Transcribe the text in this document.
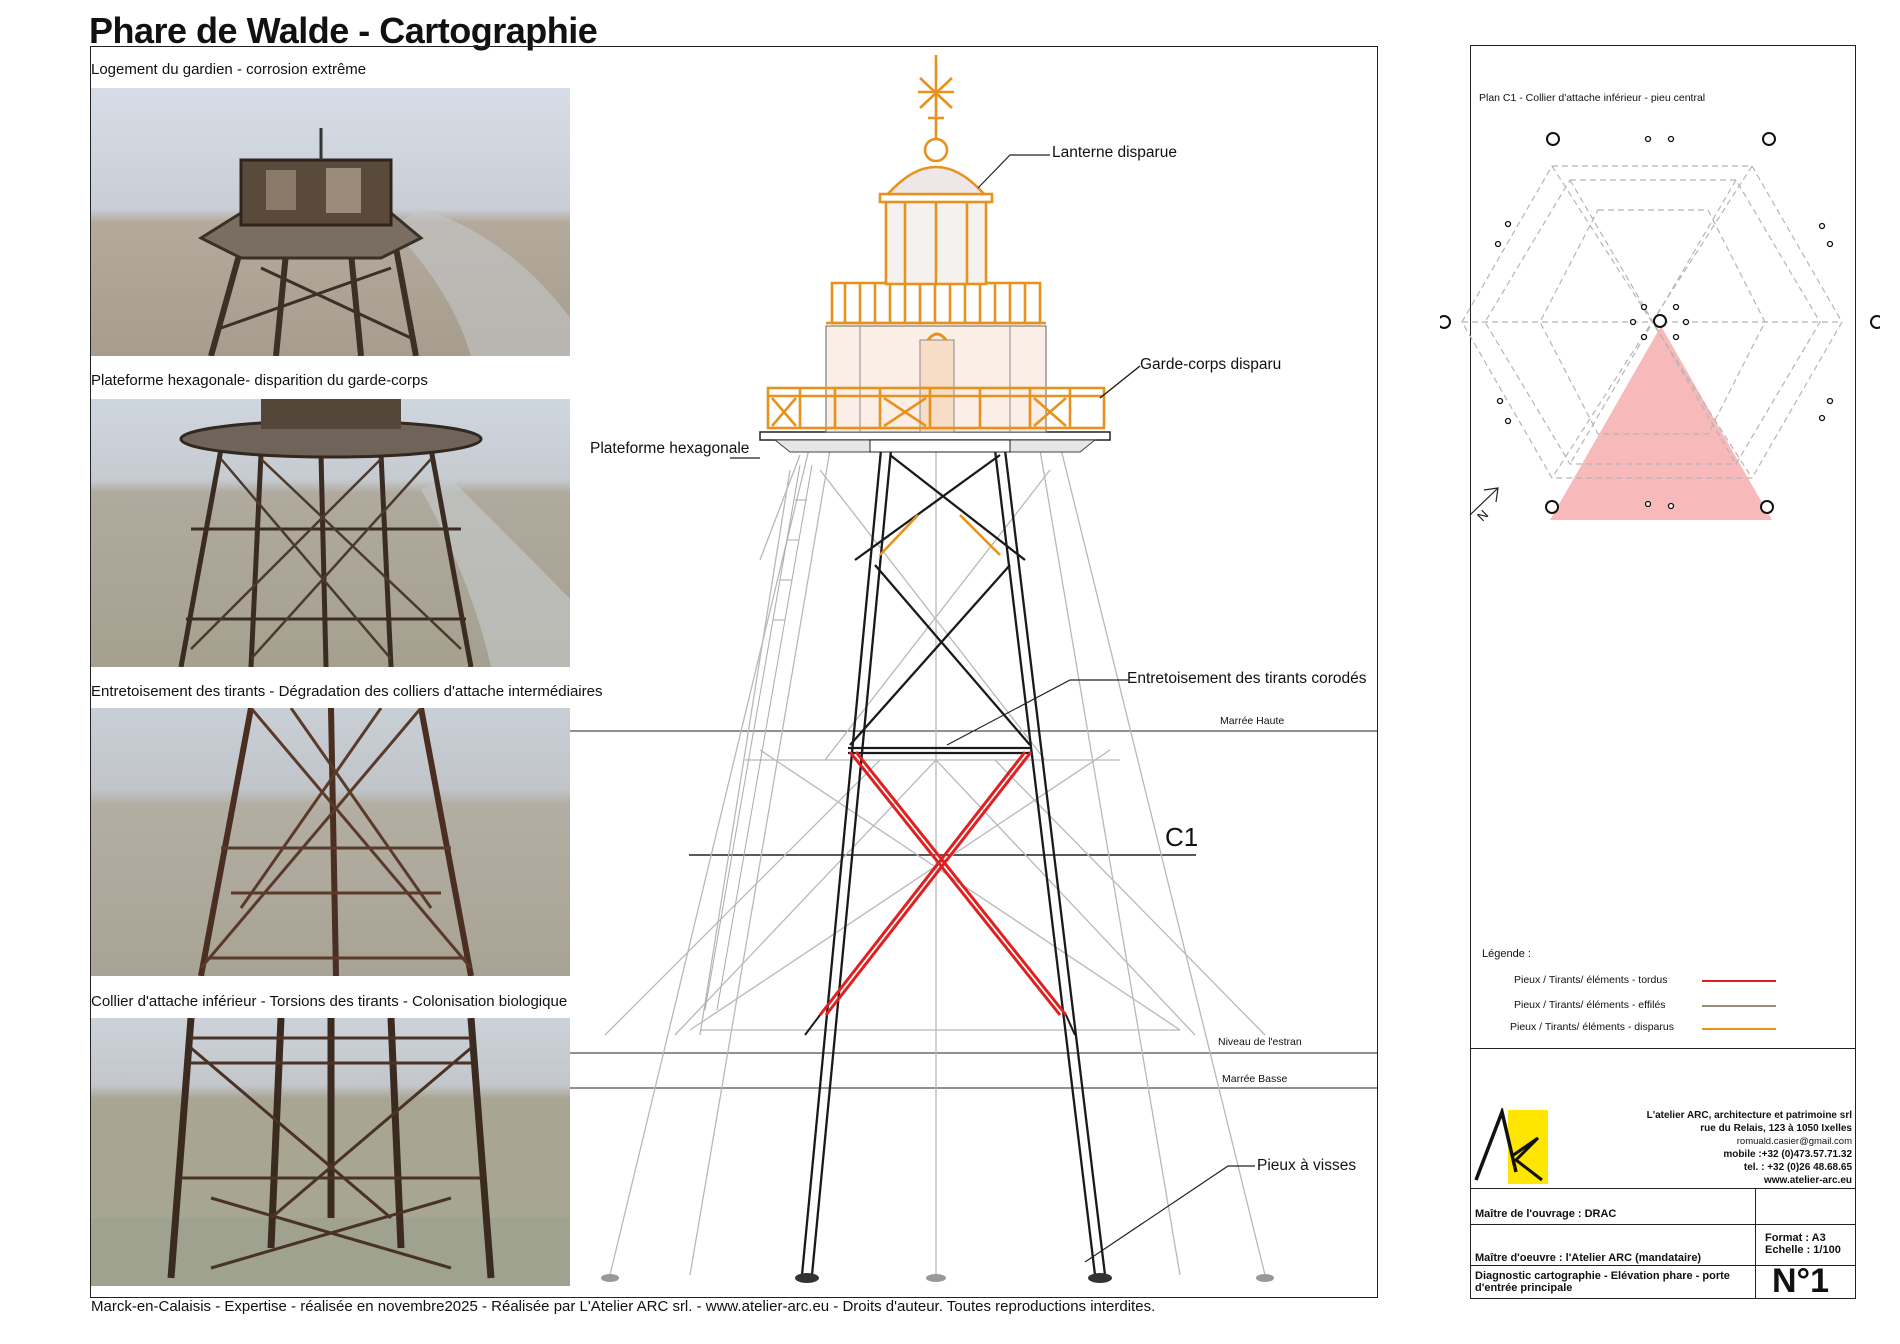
Phare de Walde - Cartographie
Logement du gardien - corrosion extrême
Plateforme hexagonale- disparition du garde-corps
Entretoisement des tirants - Dégradation des colliers d'attache intermédiaires
Collier d'attache inférieur - Torsions des tirants - Colonisation biologique
Marck-en-Calaisis - Expertise - réalisée en novembre2025 - Réalisée par L'Atelier ARC srl. - www.atelier-arc.eu - Droits d'auteur. Toutes reproductions interdites.
Lanterne disparue
Garde-corps disparu
Plateforme hexagonale
Entretoisement des tirants corodés
C1
Pieux à visses
Marrée Haute
Niveau de l'estran
Marrée Basse
Plan C1 - Collier d'attache inférieur - pieu central
N
Légende :
Pieux / Tirants/ éléments - tordus
Pieux / Tirants/ éléments - effilés
Pieux / Tirants/ éléments - disparus
L'atelier ARC, architecture et patrimoine srl
rue du Relais, 123 à 1050 Ixelles
romuald.casier@gmail.com
mobile :+32 (0)473.57.71.32
tel. : +32 (0)26 48.68.65
www.atelier-arc.eu
Maître de l'ouvrage : DRAC
Maître d'oeuvre : l'Atelier ARC (mandataire)
Format : A3
Echelle : 1/100
Diagnostic cartographie - Elévation phare - porte d'entrée principale	N°1
